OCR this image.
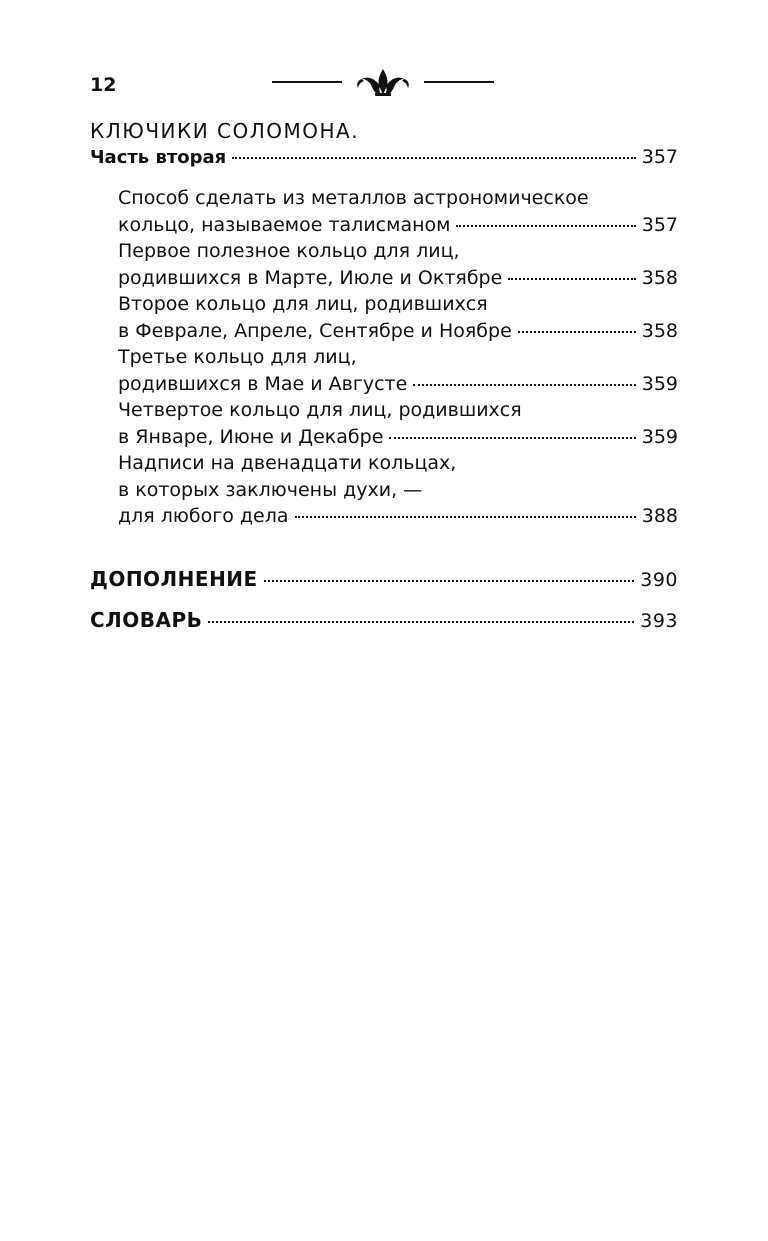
12

КЛЮЧИКИ СОЛОМОНА.

Часть вторая	357
Способ сделать из металлов астрономическое
кольцо, называемое талисманом	357
Первое полезное кольцо для лиц,
родившихся в Марте, Июле и Октябре	358
Второе кольцо для лиц, родившихся
в Феврале, Апреле, Сентябре и Ноябре	358
Третье кольцо для лиц,
родившихся в Мае и Августе	359
Четвертое кольцо для лиц, родившихся
в Январе, Июне и Декабре	359
Надписи на двенадцати кольцах,
в которых заключены духи, —
для любого дела	388
ДОПОЛНЕНИЕ	390
СЛОВАРЬ	393
